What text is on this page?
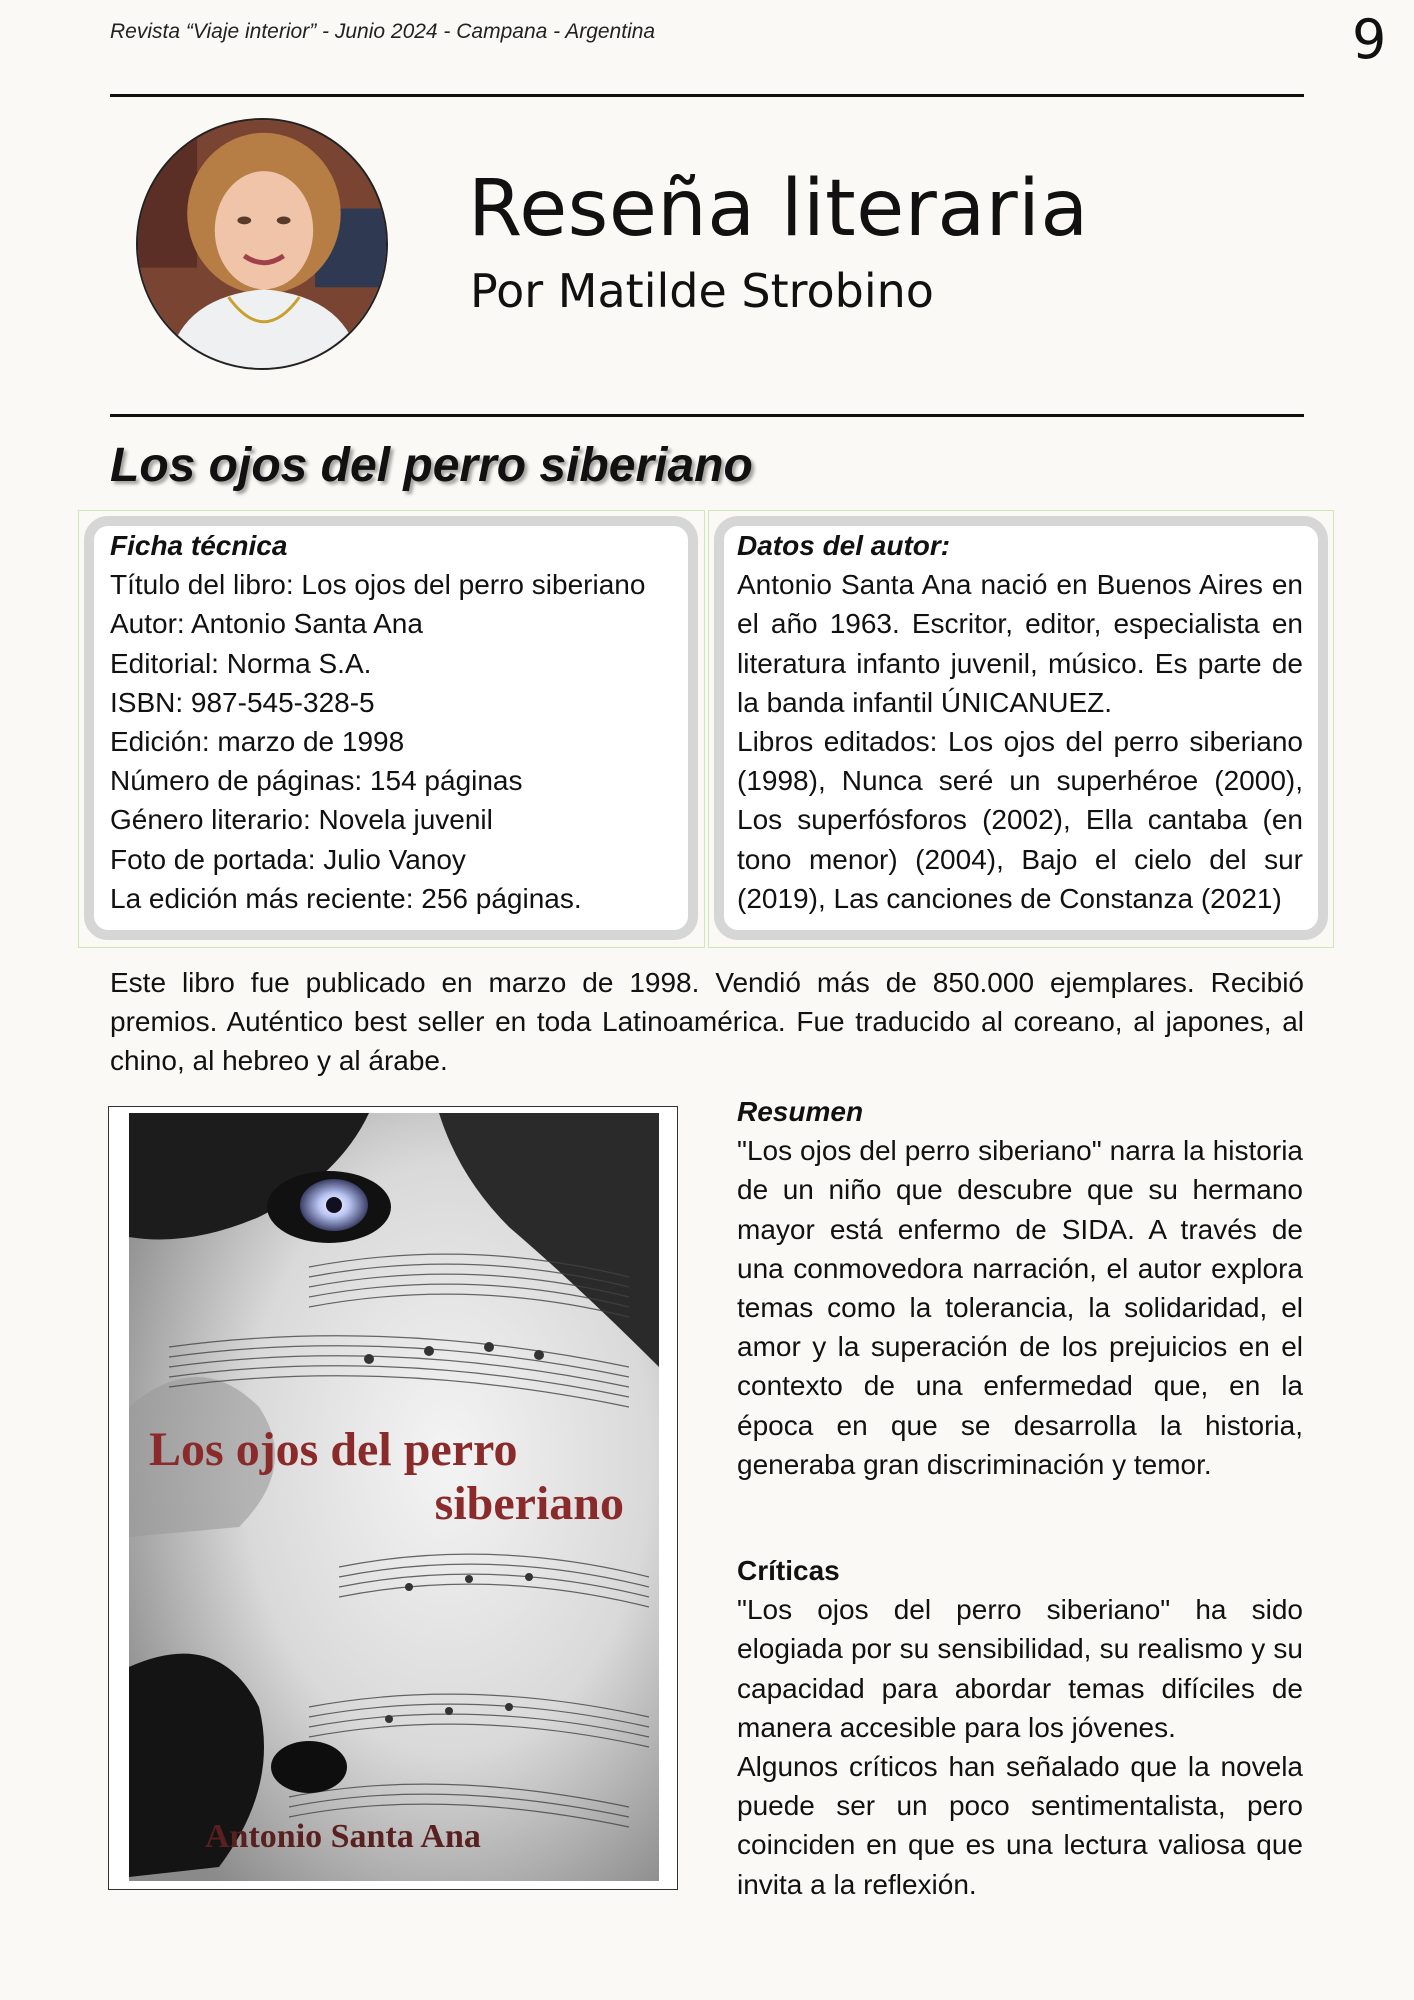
Revista “Viaje interior” - Junio 2024 - Campana - Argentina	9
Reseña literaria
Por Matilde Strobino
Los ojos del perro siberiano
Ficha técnica
Título del libro: Los ojos del perro siberiano
Autor: Antonio Santa Ana
Editorial: Norma S.A.
ISBN: 987-545-328-5
Edición: marzo de 1998
Número de páginas: 154 páginas
Género literario: Novela juvenil
Foto de portada: Julio Vanoy
La edición más reciente: 256 páginas.
Datos del autor:
Antonio Santa Ana nació en Buenos Aires en el año 1963. Escritor, editor, especialista en literatura infanto juvenil, músico. Es parte de la banda infantil ÚNICANUEZ.
Libros editados: Los ojos del perro siberiano (1998), Nunca seré un superhéroe (2000), Los superfósforos (2002), Ella cantaba (en tono menor) (2004), Bajo el cielo del sur (2019), Las canciones de Constanza (2021)
Este libro fue publicado en marzo de 1998. Vendió más de 850.000 ejemplares. Recibió premios. Auténtico best seller en toda Latinoamérica. Fue traducido al coreano, al japones, al chino, al hebreo y al árabe.
Los ojos del perro
siberiano
Antonio Santa Ana
Resumen
"Los ojos del perro siberiano" narra la historia de un niño que descubre que su hermano mayor está enfermo de SIDA. A través de una conmovedora narración, el autor explora temas como la tolerancia, la solidaridad, el amor y la superación de los prejuicios en el contexto de una enfermedad que, en la época en que se desarrolla la historia, generaba gran discriminación y temor.
Críticas
"Los ojos del perro siberiano" ha sido elogiada por su sensibilidad, su realismo y su capacidad para abordar temas difíciles de manera accesible para los jóvenes.
Algunos críticos han señalado que la novela puede ser un poco sentimentalista, pero coinciden en que es una lectura valiosa que invita a la reflexión.
